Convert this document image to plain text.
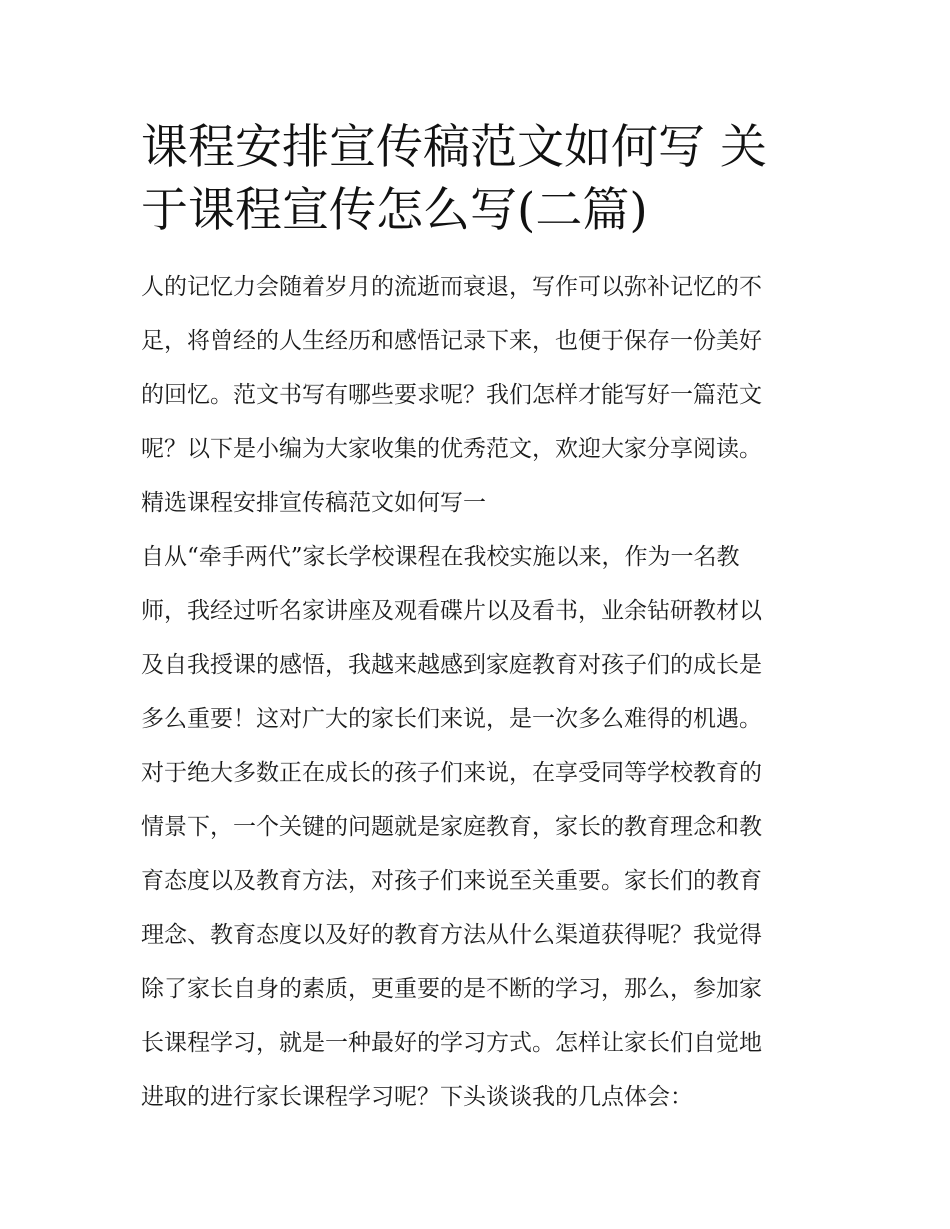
课程安排宣传稿范文如何写 关
于课程宣传怎么写(二篇)
人的记忆力会随着岁月的流逝而衰退，写作可以弥补记忆的不
足，将曾经的人生经历和感悟记录下来，也便于保存一份美好
的回忆。范文书写有哪些要求呢？我们怎样才能写好一篇范文
呢？以下是小编为大家收集的优秀范文，欢迎大家分享阅读。
精选课程安排宣传稿范文如何写一
自从“牵手两代”家长学校课程在我校实施以来，作为一名教
师，我经过听名家讲座及观看碟片以及看书，业余钻研教材以
及自我授课的感悟，我越来越感到家庭教育对孩子们的成长是
多么重要！这对广大的家长们来说，是一次多么难得的机遇。
对于绝大多数正在成长的孩子们来说，在享受同等学校教育的
情景下，一个关键的问题就是家庭教育，家长的教育理念和教
育态度以及教育方法，对孩子们来说至关重要。家长们的教育
理念、教育态度以及好的教育方法从什么渠道获得呢？我觉得
除了家长自身的素质，更重要的是不断的学习，那么，参加家
长课程学习，就是一种最好的学习方式。怎样让家长们自觉地
进取的进行家长课程学习呢？下头谈谈我的几点体会：
